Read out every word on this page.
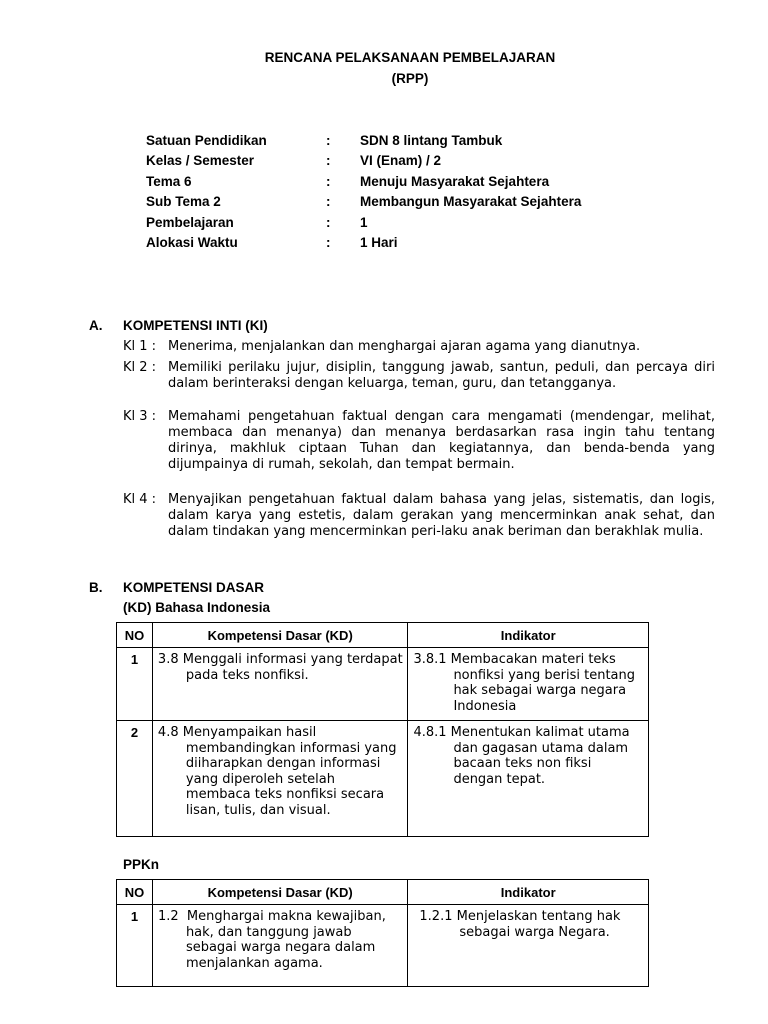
RENCANA PELAKSANAAN PEMBELAJARAN
(RPP)
Satuan Pendidikan	: SDN 8 lintang Tambuk
Kelas / Semester	: VI (Enam) / 2
Tema 6	: Menuju Masyarakat Sejahtera
Sub Tema 2	: Membangun Masyarakat Sejahtera
Pembelajaran	: 1
Alokasi Waktu	: 1 Hari
A. KOMPETENSI INTI (KI)
Kl 1 : Menerima, menjalankan dan menghargai ajaran agama yang dianutnya.
Kl 2 : Memiliki perilaku jujur, disiplin, tanggung jawab, santun, peduli, dan percaya diri dalam berinteraksi dengan keluarga, teman, guru, dan tetangganya.
Kl 3 : Memahami pengetahuan faktual dengan cara mengamati (mendengar, melihat, membaca dan menanya) dan menanya berdasarkan rasa ingin tahu tentang dirinya, makhluk ciptaan Tuhan dan kegiatannya, dan benda-benda yang dijumpainya di rumah, sekolah, dan tempat bermain.
Kl 4 : Menyajikan pengetahuan faktual dalam bahasa yang jelas, sistematis, dan logis, dalam karya yang estetis, dalam gerakan yang mencerminkan anak sehat, dan dalam tindakan yang mencerminkan peri-laku anak beriman dan berakhlak mulia.
B. KOMPETENSI DASAR
(KD) Bahasa Indonesia
NO	Kompetensi Dasar (KD)	Indikator
1	3.8 Menggali informasi yang terdapat pada teks nonfiksi.	3.8.1 Membacakan materi teks nonfiksi yang berisi tentang hak sebagai warga negara Indonesia

2	4.8 Menyampaikan hasil membandingkan informasi yang diiharapkan dengan informasi yang diperoleh setelah membaca teks nonfiksi secara lisan, tulis, dan visual.	4.8.1 Menentukan kalimat utama dan gagasan utama dalam bacaan teks non fiksi dengan tepat.
PPKn
NO	Kompetensi Dasar (KD)	Indikator
1	1.2 Menghargai makna kewajiban, hak, dan tanggung jawab sebagai warga negara dalam menjalankan agama.	1.2.1 Menjelaskan tentang hak sebagai warga Negara.
